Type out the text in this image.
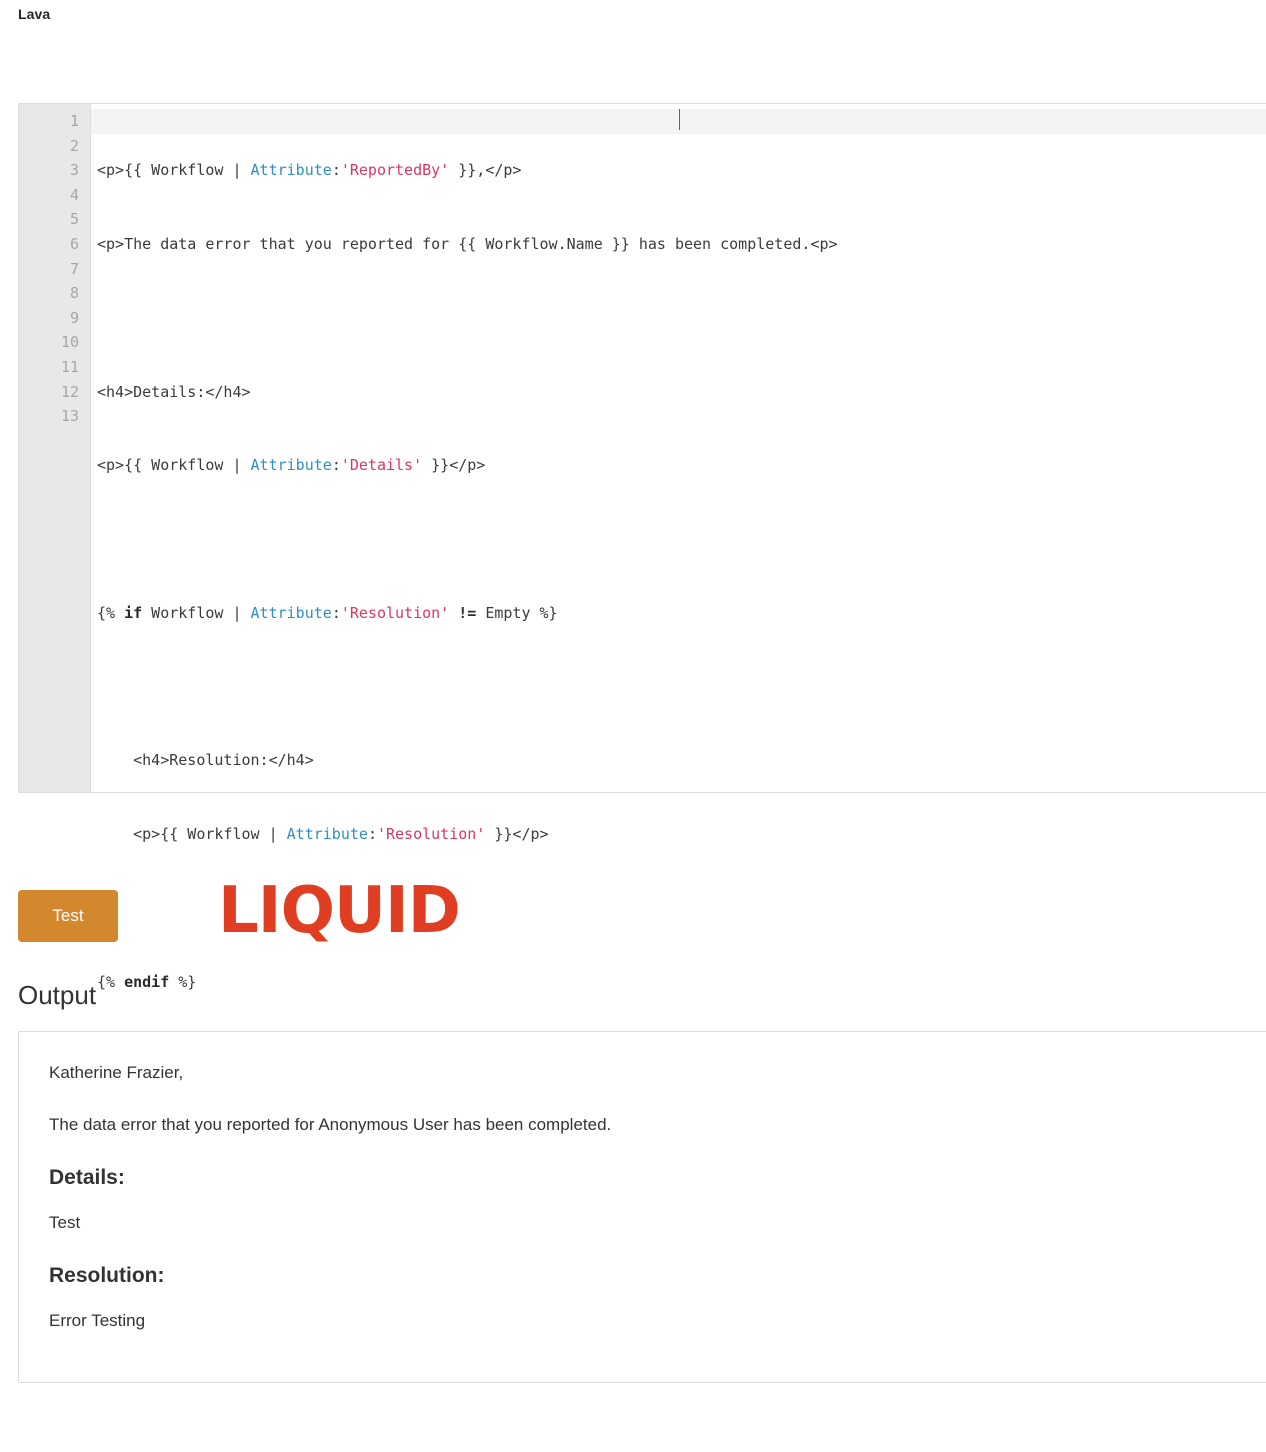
Lava
1
2
3
4
5
6
7
8
9
10
11
12
13

<p>{{ Workflow | Attribute:'ReportedBy' }},</p>

<p>The data error that you reported for {{ Workflow.Name }} has been completed.<p>

<h4>Details:</h4>

<p>{{ Workflow | Attribute:'Details' }}</p>

{% if Workflow | Attribute:'Resolution' != Empty %}

<h4>Resolution:</h4>

<p>{{ Workflow | Attribute:'Resolution' }}</p>

{% endif %}

Test	LIQUID
Output

Katherine Frazier,

The data error that you reported for Anonymous User has been completed.

Details:

Test

Resolution:

Error Testing
